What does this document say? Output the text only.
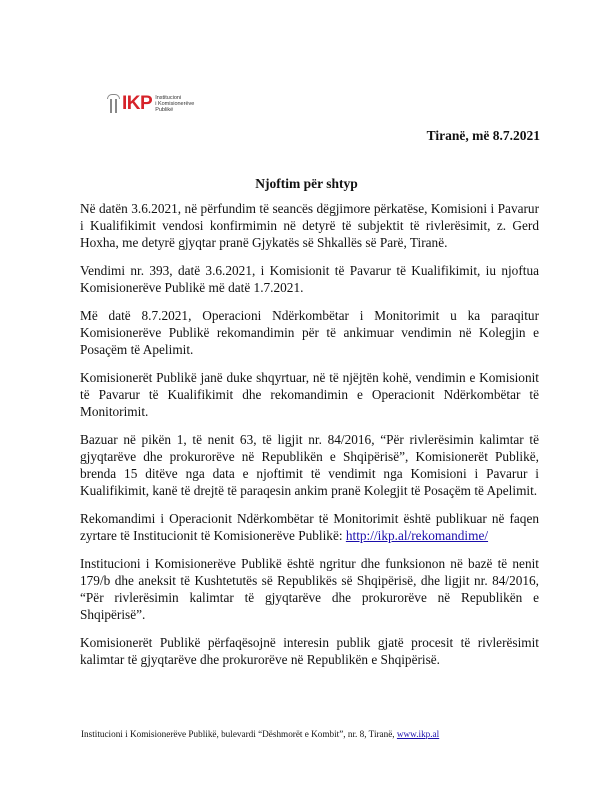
IKP Institucioni
i Komisionerëve
Publikë
Tiranë, më 8.7.2021
Njoftim për shtyp

Në datën 3.6.2021, në përfundim të seancës dëgjimore përkatëse, Komisioni i Pavarur i Kualifikimit vendosi konfirmimin në detyrë të subjektit të rivlerësimit, z. Gerd Hoxha, me detyrë gjyqtar pranë Gjykatës së Shkallës së Parë, Tiranë.

Vendimi nr. 393, datë 3.6.2021, i Komisionit të Pavarur të Kualifikimit, iu njoftua Komisionerëve Publikë më datë 1.7.2021.

Më datë 8.7.2021, Operacioni Ndërkombëtar i Monitorimit u ka paraqitur Komisionerëve Publikë rekomandimin për të ankimuar vendimin në Kolegjin e Posaçëm të Apelimit.

Komisionerët Publikë janë duke shqyrtuar, në të njëjtën kohë, vendimin e Komisionit të Pavarur të Kualifikimit dhe rekomandimin e Operacionit Ndërkombëtar të Monitorimit.

Bazuar në pikën 1, të nenit 63, të ligjit nr. 84/2016, “Për rivlerësimin kalimtar të gjyqtarëve dhe prokurorëve në Republikën e Shqipërisë”, Komisionerët Publikë, brenda 15 ditëve nga data e njoftimit të vendimit nga Komisioni i Pavarur i Kualifikimit, kanë të drejtë të paraqesin ankim pranë Kolegjit të Posaçëm të Apelimit.

Rekomandimi i Operacionit Ndërkombëtar të Monitorimit është publikuar në faqen zyrtare të Institucionit të Komisionerëve Publikë: http://ikp.al/rekomandime/

Institucioni i Komisionerëve Publikë është ngritur dhe funksionon në bazë të nenit 179/b dhe aneksit të Kushtetutës së Republikës së Shqipërisë, dhe ligjit nr. 84/2016, “Për rivlerësimin kalimtar të gjyqtarëve dhe prokurorëve në Republikën e Shqipërisë”.

Komisionerët Publikë përfaqësojnë interesin publik gjatë procesit të rivlerësimit kalimtar të gjyqtarëve dhe prokurorëve në Republikën e Shqipërisë.

Institucioni i Komisionerëve Publikë, bulevardi “Dëshmorët e Kombit”, nr. 8, Tiranë, www.ikp.al
